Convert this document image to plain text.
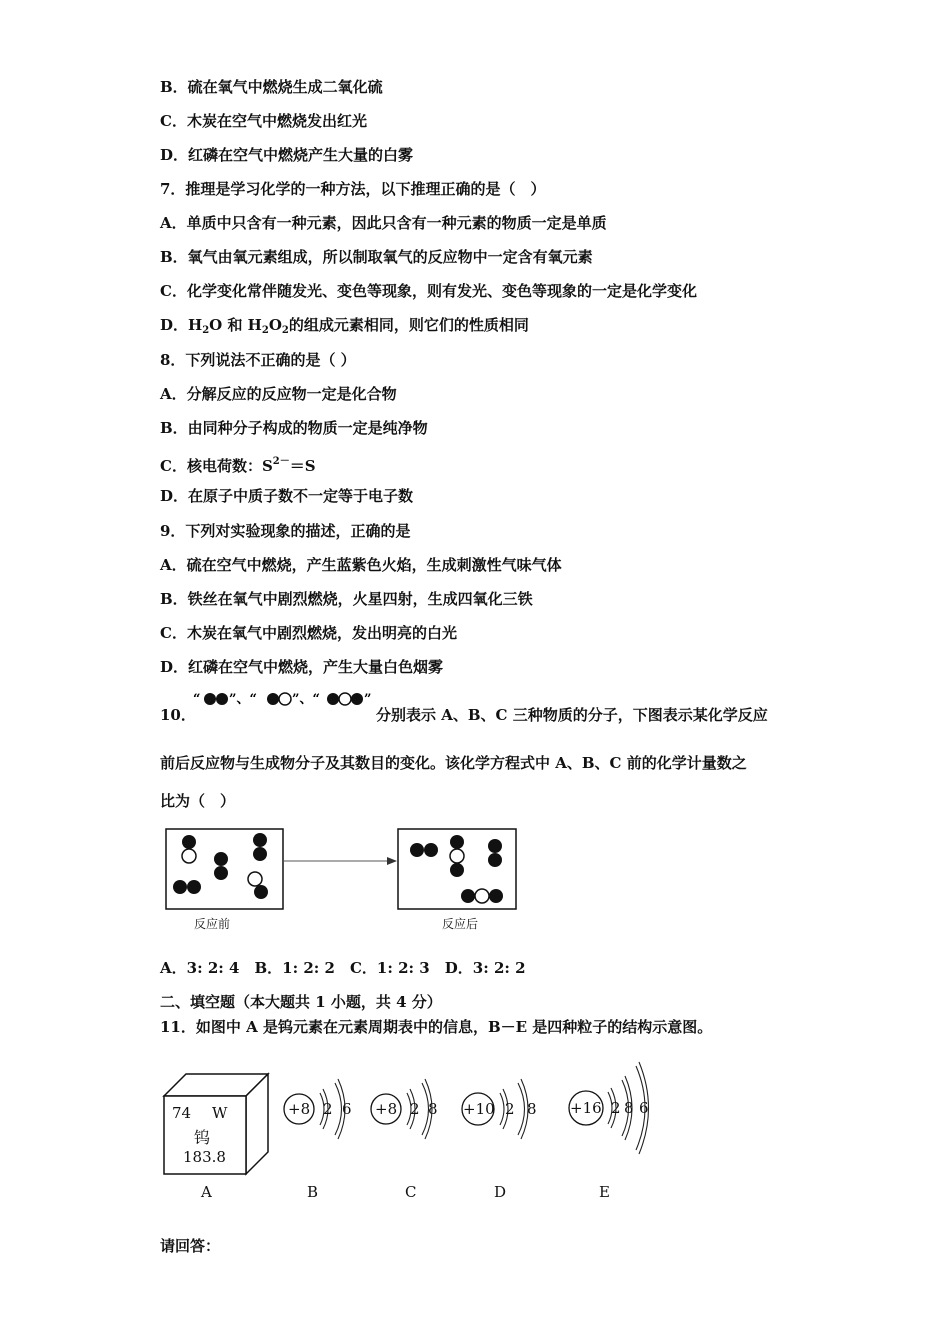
B．硫在氧气中燃烧生成二氧化硫
C．木炭在空气中燃烧发出红光
D．红磷在空气中燃烧产生大量的白雾
7．推理是学习化学的一种方法，以下推理正确的是（　）
A．单质中只含有一种元素，因此只含有一种元素的物质一定是单质
B．氧气由氧元素组成，所以制取氧气的反应物中一定含有氧元素
C．化学变化常伴随发光、变色等现象，则有发光、变色等现象的一定是化学变化
D．$H_2O$ 和 $H_2O_2$的组成元素相同，则它们的性质相同
8．下列说法不正确的是（ ）
A．分解反应的反应物一定是化合物
B．由同种分子构成的物质一定是纯净物
C．核电荷数：$S^{2-}=S$
D．在原子中质子数不一定等于电子数
9．下列对实验现象的描述，正确的是
A．硫在空气中燃烧，产生蓝紫色火焰，生成刺激性气味气体
B．铁丝在氧气中剧烈燃烧，火星四射，生成四氧化三铁
C．木炭在氧气中剧烈燃烧，发出明亮的白光
D．红磷在空气中燃烧，产生大量白色烟雾
10．
“ ”、“	”、“	”
分别表示 A、B、C 三种物质的分子，下图表示某化学反应
前后反应物与生成物分子及其数目的变化。该化学方程式中 A、B、C 前的化学计量数之
比为（　）
反应前	反应后
A．3: 2: 4　B．1: 2: 2　C．1: 2: 3　D．3: 2: 2
二、填空题（本大题共 1 小题，共 4 分）
11．如图中 A 是钨元素在元素周期表中的信息，B－E 是四种粒子的结构示意图。
74 W
钨
183.8
A
+8 2 6
B
+8 2 8
C
+10 2 8
D
+16 2 8 6
E
请回答：
